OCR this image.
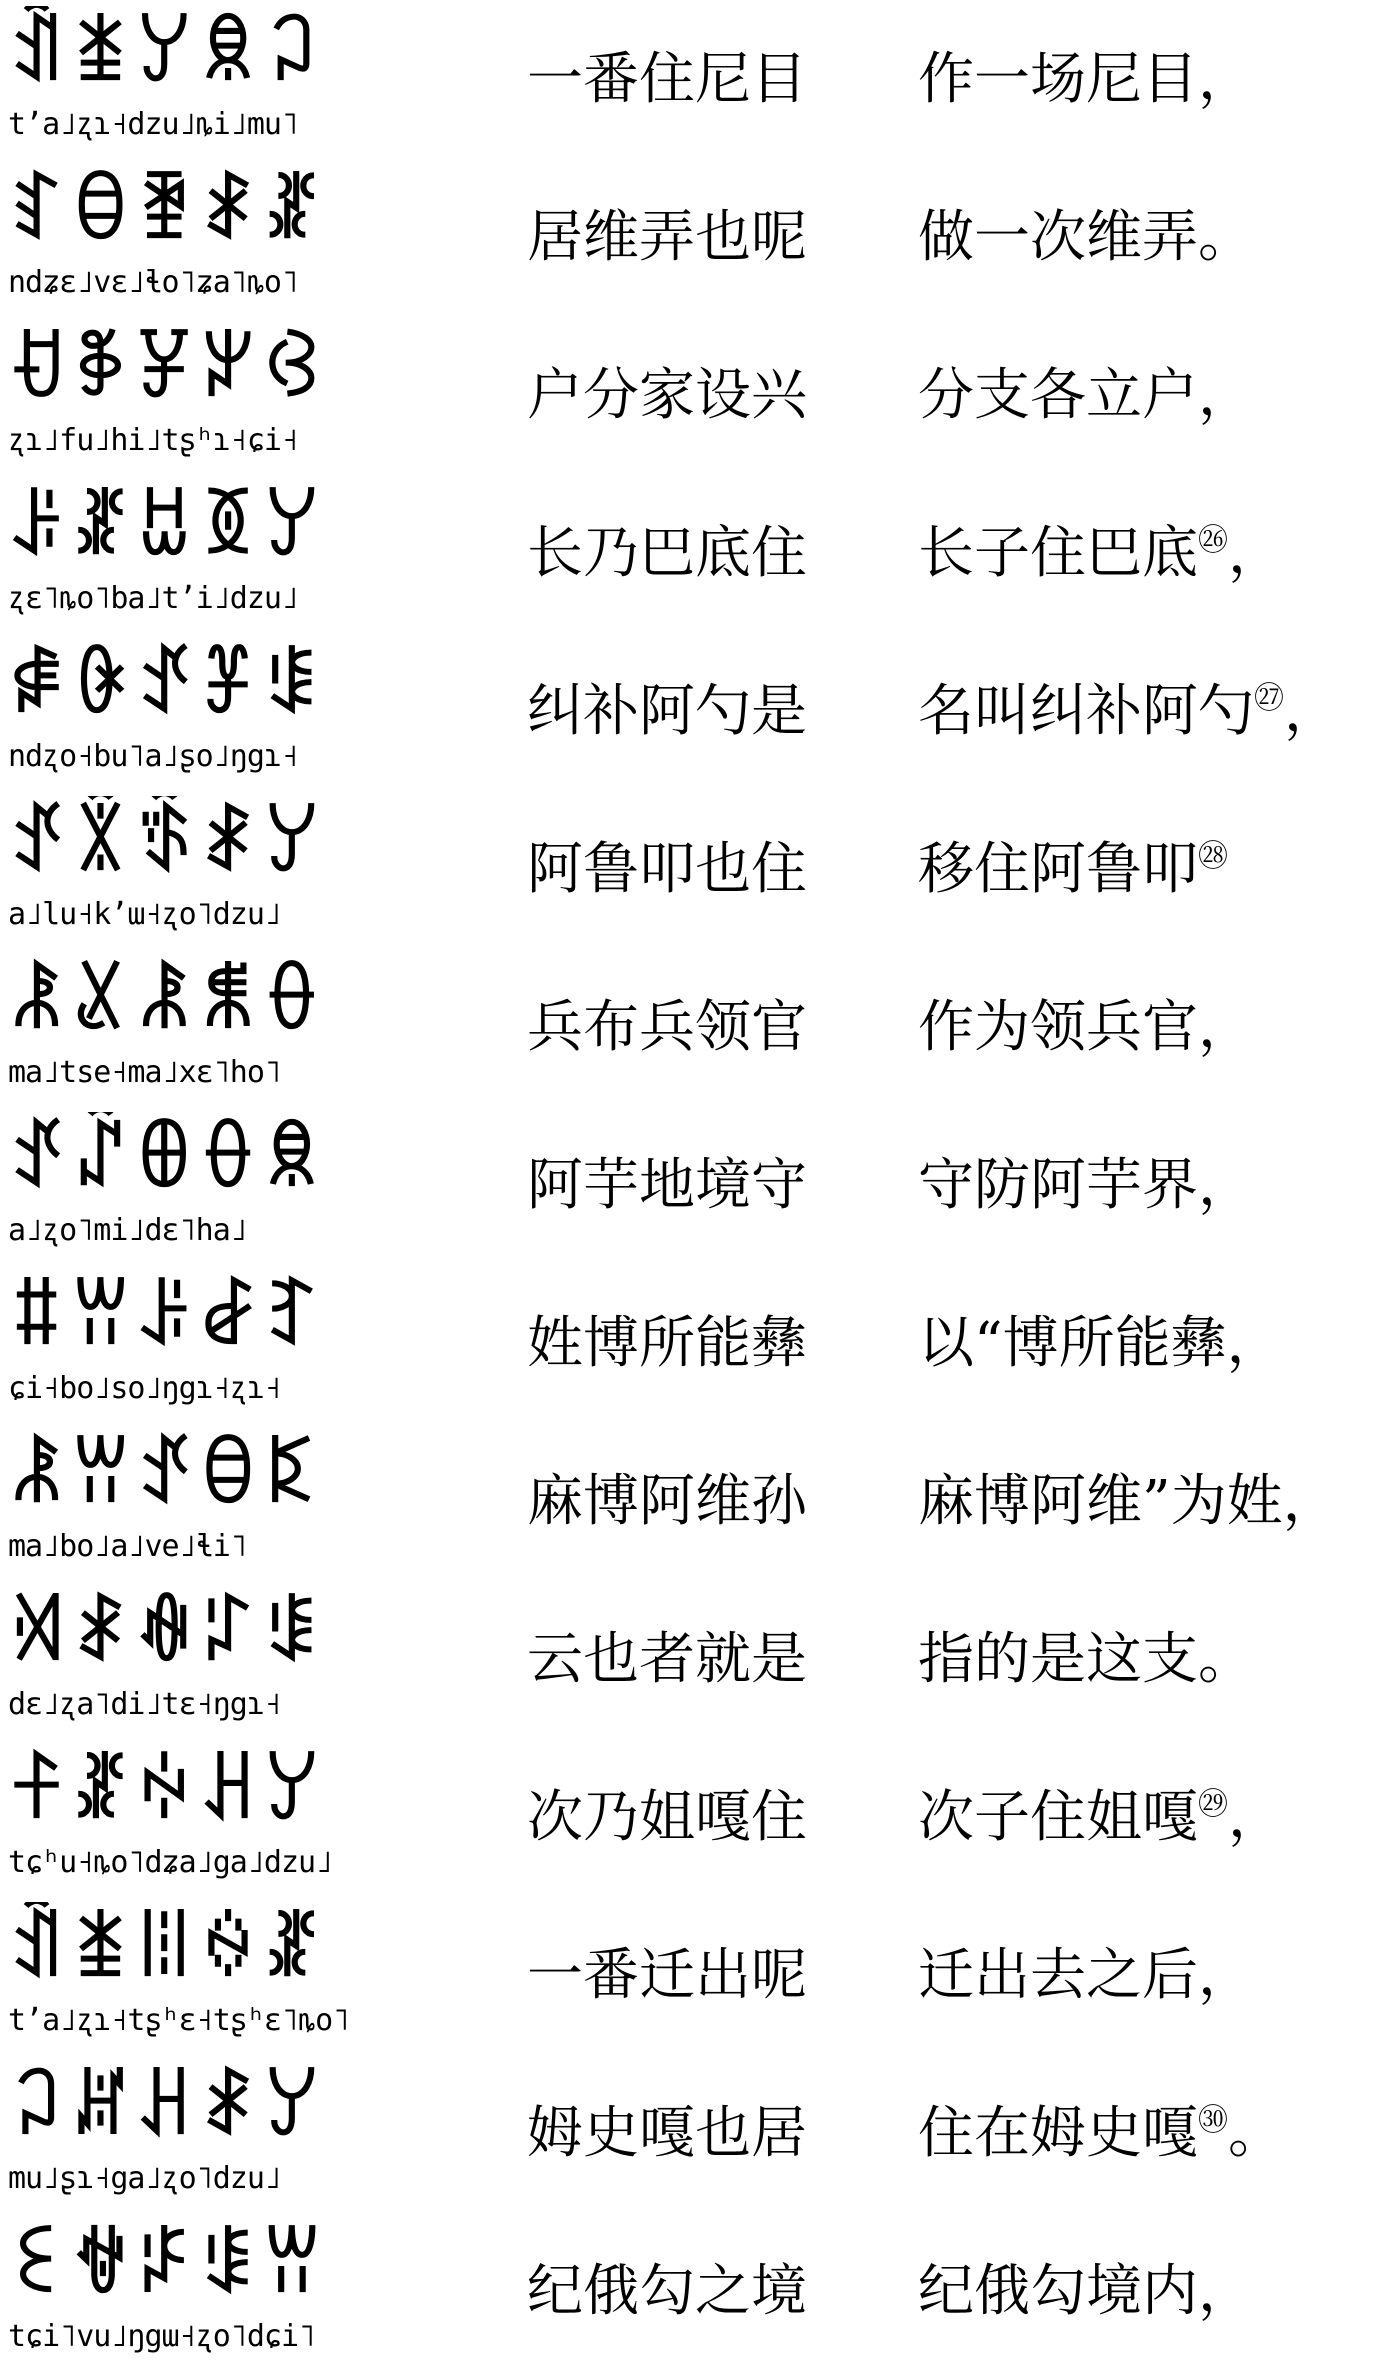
ꀉꁧꌦꌋꃀ
tʼa˩ʐɿ˧dzu˩ȵi˩mu˥
一番住尼目	作一场尼目，
ꆏꃪꄿꑴꁬ
ndʑɛ˩vɛ˩ɬo˥ʑa˥ȵo˥
居维弄也呢	做一次维弄。
ꀀꃆꐯꏃꃳ
ʐɿ˩fu˩hi˩tʂʰɿ˧ɕi˧
户分家设兴	分支各立户，
ꌠꁬꀠꅉꌦ
ʐɛ˥ȵo˥ba˩tʼi˩dzu˩
长乃巴底住	长子住巴底$^㉖$，
ꍂꀖꀋꐞꌐ
ndʐo˧bu˥a˩ʂo˩ŋgɿ˧
纠补阿勺是	名叫纠补阿勺$^㉗$，
ꀋꇒꈃꑴꌦ
a˩lu˧kʼɯ˧ʐo˥dzu˩
阿鲁叩也住	移住阿鲁叩$^㉘$
ꂿꊪꂿꐩꂷ
ma˩tse˧ma˩xɛ˥ho˥
兵布兵领官	作为领兵官，
ꀋꁳꆺꂷꌋ
a˩ʐo˥mi˩dɛ˥ha˩
阿芋地境守	守防阿芋界，
ꐚꀕꌠꆀꆈ
ɕi˧bo˩so˩ŋgɿ˧ʐɿ˧
姓博所能彝	以“博所能彝，
ꂿꀕꀋꃪꌅ
ma˩bo˩a˩ve˩ɬi˥
麻博阿维孙	麻博阿维”为姓，
ꄉꑴꊿꇱꌐ
dɛ˩ʐa˥di˩tɛ˧ŋgɿ˧
云也者就是	指的是这支。
ꊰꁬꏢꃅꌦ
tɕʰu˧ȵo˥dʑa˩ga˩dzu˩
次乃姐嘎住	次子住姐嘎$^㉙$，
ꀉꁧꈨꍈꁬ
tʼa˩ʐɿ˧tʂʰɛ˧tʂʰɛ˥ȵo˥
一番迁出呢	迁出去之后，
ꃀꏦꃅꑴꌦ
mu˩ʂɿ˧ga˩ʐo˥dzu˩
姆史嘎也居	住在姆史嘎$^㉚$。
ꏂꊀꈝꌐꀕ
tɕi˥vu˩ŋgɯ˧ʐo˥dɕi˥
纪俄勾之境	纪俄勾境内，
